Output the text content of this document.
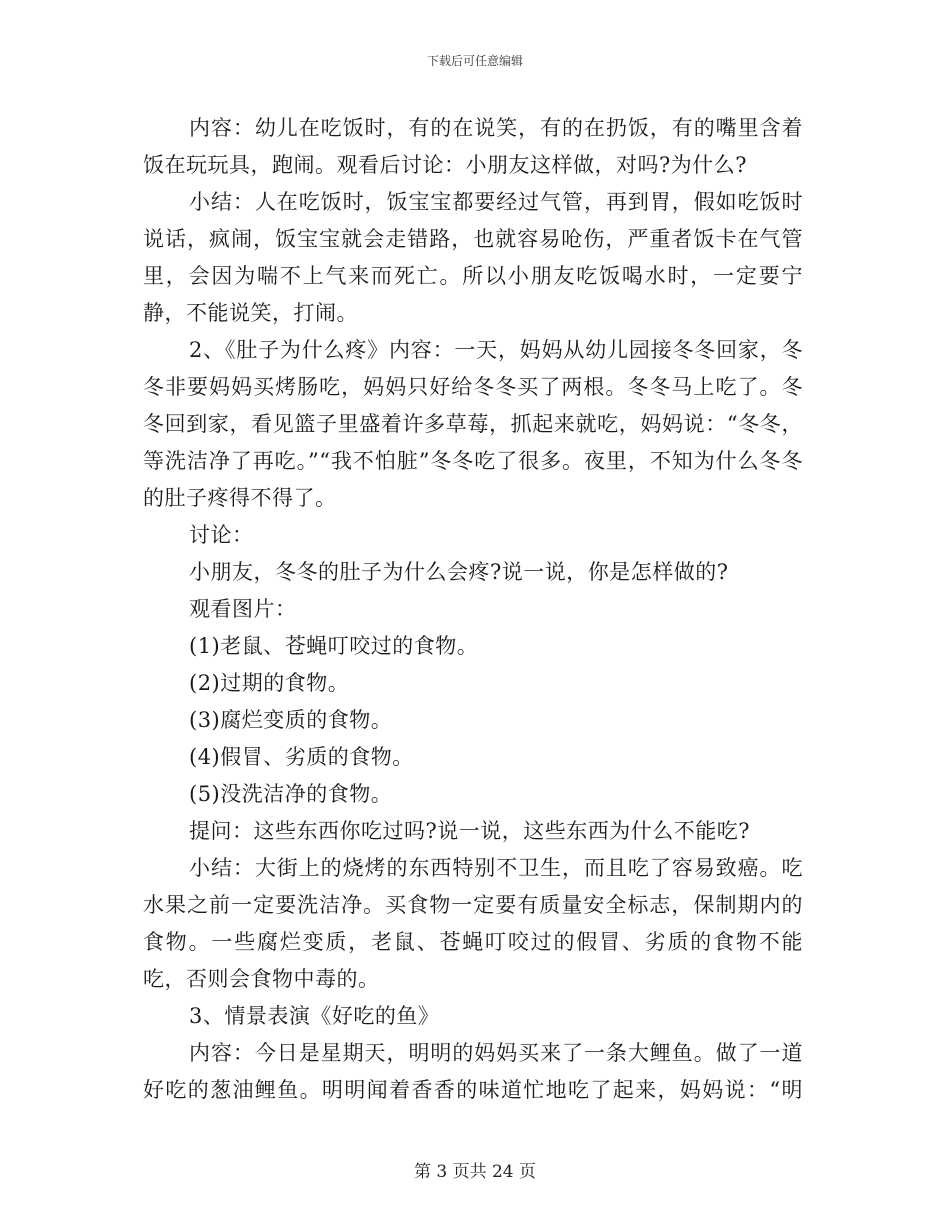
下载后可任意编辑

内容：幼儿在吃饭时，有的在说笑，有的在扔饭，有的嘴里含着饭在玩玩具，跑闹。观看后讨论：小朋友这样做，对吗?为什么?

小结：人在吃饭时，饭宝宝都要经过气管，再到胃，假如吃饭时说话，疯闹，饭宝宝就会走错路，也就容易呛伤，严重者饭卡在气管里，会因为喘不上气来而死亡。所以小朋友吃饭喝水时，一定要宁静，不能说笑，打闹。

2、《肚子为什么疼》内容：一天，妈妈从幼儿园接冬冬回家，冬冬非要妈妈买烤肠吃，妈妈只好给冬冬买了两根。冬冬马上吃了。冬冬回到家，看见篮子里盛着许多草莓，抓起来就吃，妈妈说：“冬冬，等洗洁净了再吃。”“我不怕脏”冬冬吃了很多。夜里，不知为什么冬冬的肚子疼得不得了。

讨论：

小朋友，冬冬的肚子为什么会疼?说一说，你是怎样做的?

观看图片：

(1)老鼠、苍蝇叮咬过的食物。

(2)过期的食物。

(3)腐烂变质的食物。

(4)假冒、劣质的食物。

(5)没洗洁净的食物。

提问：这些东西你吃过吗?说一说，这些东西为什么不能吃?

小结：大街上的烧烤的东西特别不卫生，而且吃了容易致癌。吃水果之前一定要洗洁净。买食物一定要有质量安全标志，保制期内的食物。一些腐烂变质，老鼠、苍蝇叮咬过的假冒、劣质的食物不能吃，否则会食物中毒的。

3、情景表演《好吃的鱼》

内容：今日是星期天，明明的妈妈买来了一条大鲤鱼。做了一道好吃的葱油鲤鱼。明明闻着香香的味道忙地吃了起来，妈妈说：“明

第 3 页共 24 页
